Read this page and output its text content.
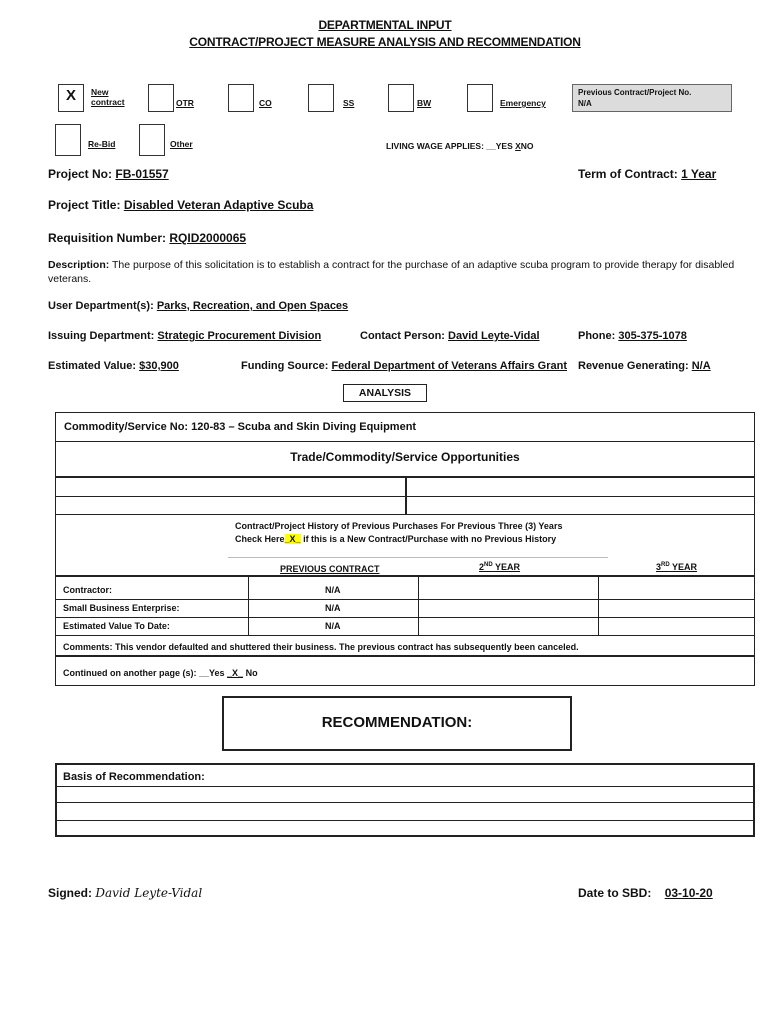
DEPARTMENTAL INPUT
CONTRACT/PROJECT MEASURE ANALYSIS AND RECOMMENDATION
X	New
contract	OTR	CO	SS	BW	Emergency
Previous Contract/Project No.
N/A
Re-Bid	Other	LIVING WAGE APPLIES: __YES XNO
Project No: FB-01557	Term of Contract: 1 Year
Project Title: Disabled Veteran Adaptive Scuba
Requisition Number: RQID2000065
Description: The purpose of this solicitation is to establish a contract for the purchase of an adaptive scuba program to provide therapy for disabled veterans.
User Department(s): Parks, Recreation, and Open Spaces
Issuing Department: Strategic Procurement Division	Contact Person: David Leyte-Vidal	Phone: 305-375-1078
Estimated Value: $30,900	Funding Source: Federal Department of Veterans Affairs Grant Revenue Generating: N/A
ANALYSIS
Commodity/Service No: 120-83 – Scuba and Skin Diving Equipment
Trade/Commodity/Service Opportunities
Contract/Project History of Previous Purchases For Previous Three (3) Years
Check Here_X_ if this is a New Contract/Purchase with no Previous History
PREVIOUS CONTRACT	2ND YEAR	3RD YEAR
Contractor:	N/A
Small Business Enterprise:	N/A
Estimated Value To Date:	N/A
Comments: This vendor defaulted and shuttered their business. The previous contract has subsequently been canceled.
Continued on another page (s): __Yes _X_ No
RECOMMENDATION:
Basis of Recommendation:
Signed: David Leyte-Vidal	Date to SBD: 03-10-20
